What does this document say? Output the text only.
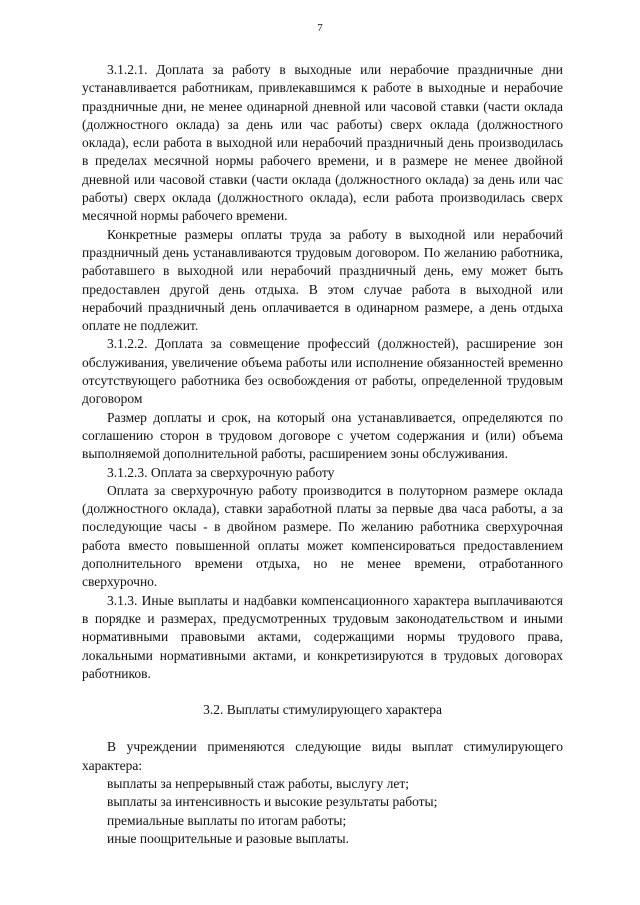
7

3.1.2.1. Доплата за работу в выходные или нерабочие праздничные дни устанавливается работникам, привлекавшимся к работе в выходные и нерабочие праздничные дни, не менее одинарной дневной или часовой ставки (части оклада (должностного оклада) за день или час работы) сверх оклада (должностного оклада), если работа в выходной или нерабочий праздничный день производилась в пределах месячной нормы рабочего времени, и в размере не менее двойной дневной или часовой ставки (части оклада (должностного оклада) за день или час работы) сверх оклада (должностного оклада), если работа производилась сверх месячной нормы рабочего времени.

Конкретные размеры оплаты труда за работу в выходной или нерабочий праздничный день устанавливаются трудовым договором. По желанию работника, работавшего в выходной или нерабочий праздничный день, ему может быть предоставлен другой день отдыха. В этом случае работа в выходной или нерабочий праздничный день оплачивается в одинарном размере, а день отдыха оплате не подлежит.

3.1.2.2. Доплата за совмещение профессий (должностей), расширение зон обслуживания, увеличение объема работы или исполнение обязанностей временно отсутствующего работника без освобождения от работы, определенной трудовым договором

Размер доплаты и срок, на который она устанавливается, определяются по соглашению сторон в трудовом договоре с учетом содержания и (или) объема выполняемой дополнительной работы, расширением зоны обслуживания.

3.1.2.3. Оплата за сверхурочную работу

Оплата за сверхурочную работу производится в полуторном размере оклада (должностного оклада), ставки заработной платы за первые два часа работы, а за последующие часы - в двойном размере. По желанию работника сверхурочная работа вместо повышенной оплаты может компенсироваться предоставлением дополнительного времени отдыха, но не менее времени, отработанного сверхурочно.

3.1.3. Иные выплаты и надбавки компенсационного характера выплачиваются в порядке и размерах, предусмотренных трудовым законодательством и иными нормативными правовыми актами, содержащими нормы трудового права, локальными нормативными актами, и конкретизируются в трудовых договорах работников.

3.2. Выплаты стимулирующего характера

В учреждении применяются следующие виды выплат стимулирующего характера:

выплаты за непрерывный стаж работы, выслугу лет;

выплаты за интенсивность и высокие результаты работы;

премиальные выплаты по итогам работы;

иные поощрительные и разовые выплаты.
